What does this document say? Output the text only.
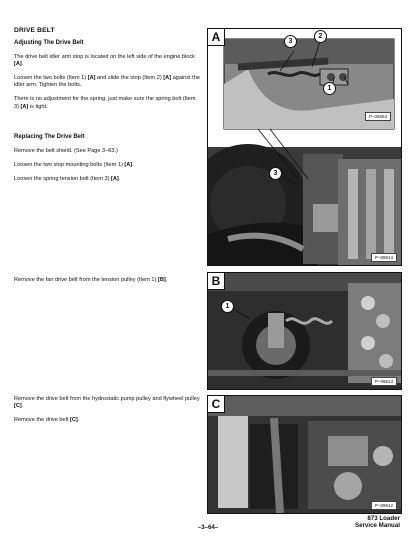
DRIVE BELT
Adjusting The Drive Belt

The drive belt idler arm stop is located on the left side of the engine block [A].

Loosen the two bolts (Item 1) [A] and slide the stop (Item 2) [A] against the idler arm. Tighten the bolts.

There is no adjustment for the spring, just make sure the spring bolt (Item 3) [A] is tight.

Replacing The Drive Belt

Remove the belt shield. (See Page 3–63.)

Loosen the two stop mounting bolts (Item 1) [A].

Loosen the spring tension bolt (Item 3) [A].

Remove the fan drive belt from the tension pulley (Item 1) [B].

Remove the drive belt from the hydrostatic pump pulley and flywheel pulley [C].

Remove the drive belt [C].

A	3
2
1
3
P–05554
P–09614
B
1
P–09613
C
P–09612
–3–64–
873 Loader
Service Manual
